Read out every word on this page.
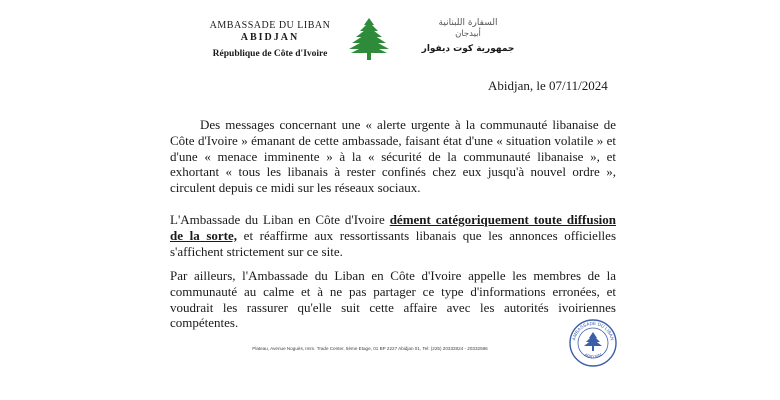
AMBASSADE DU LIBAN
ABIDJAN
République de Côte d'Ivoire
السفارة اللبنانية
أبيدجان
جمهورية كوت ديفوار
Abidjan, le 07/11/2024
Des messages concernant une « alerte urgente à la communauté libanaise de Côte d'Ivoire » émanant de cette ambassade, faisant état d'une « situation volatile » et d'une « menace imminente » à la « sécurité de la communauté libanaise », et exhortant « tous les libanais à rester confinés chez eux jusqu'à nouvel ordre », circulent depuis ce midi sur les réseaux sociaux.
L'Ambassade du Liban en Côte d'Ivoire dément catégoriquement toute diffusion de la sorte, et réaffirme aux ressortissants libanais que les annonces officielles s'affichent strictement sur ce site.
Par ailleurs, l'Ambassade du Liban en Côte d'Ivoire appelle les membres de la communauté au calme et à ne pas partager ce type d'informations erronées, et voudrait les rassurer qu'elle suit cette affaire avec les autorités ivoiriennes compétentes.
AMBASSADE DU LIBAN
ABIDJAN
Plateau, Avenue Noguès, Imm. Trade Center, 5ème Etage, 01 BP 2227 Abidjan 01, Tel: (225) 20332824 - 20332596
